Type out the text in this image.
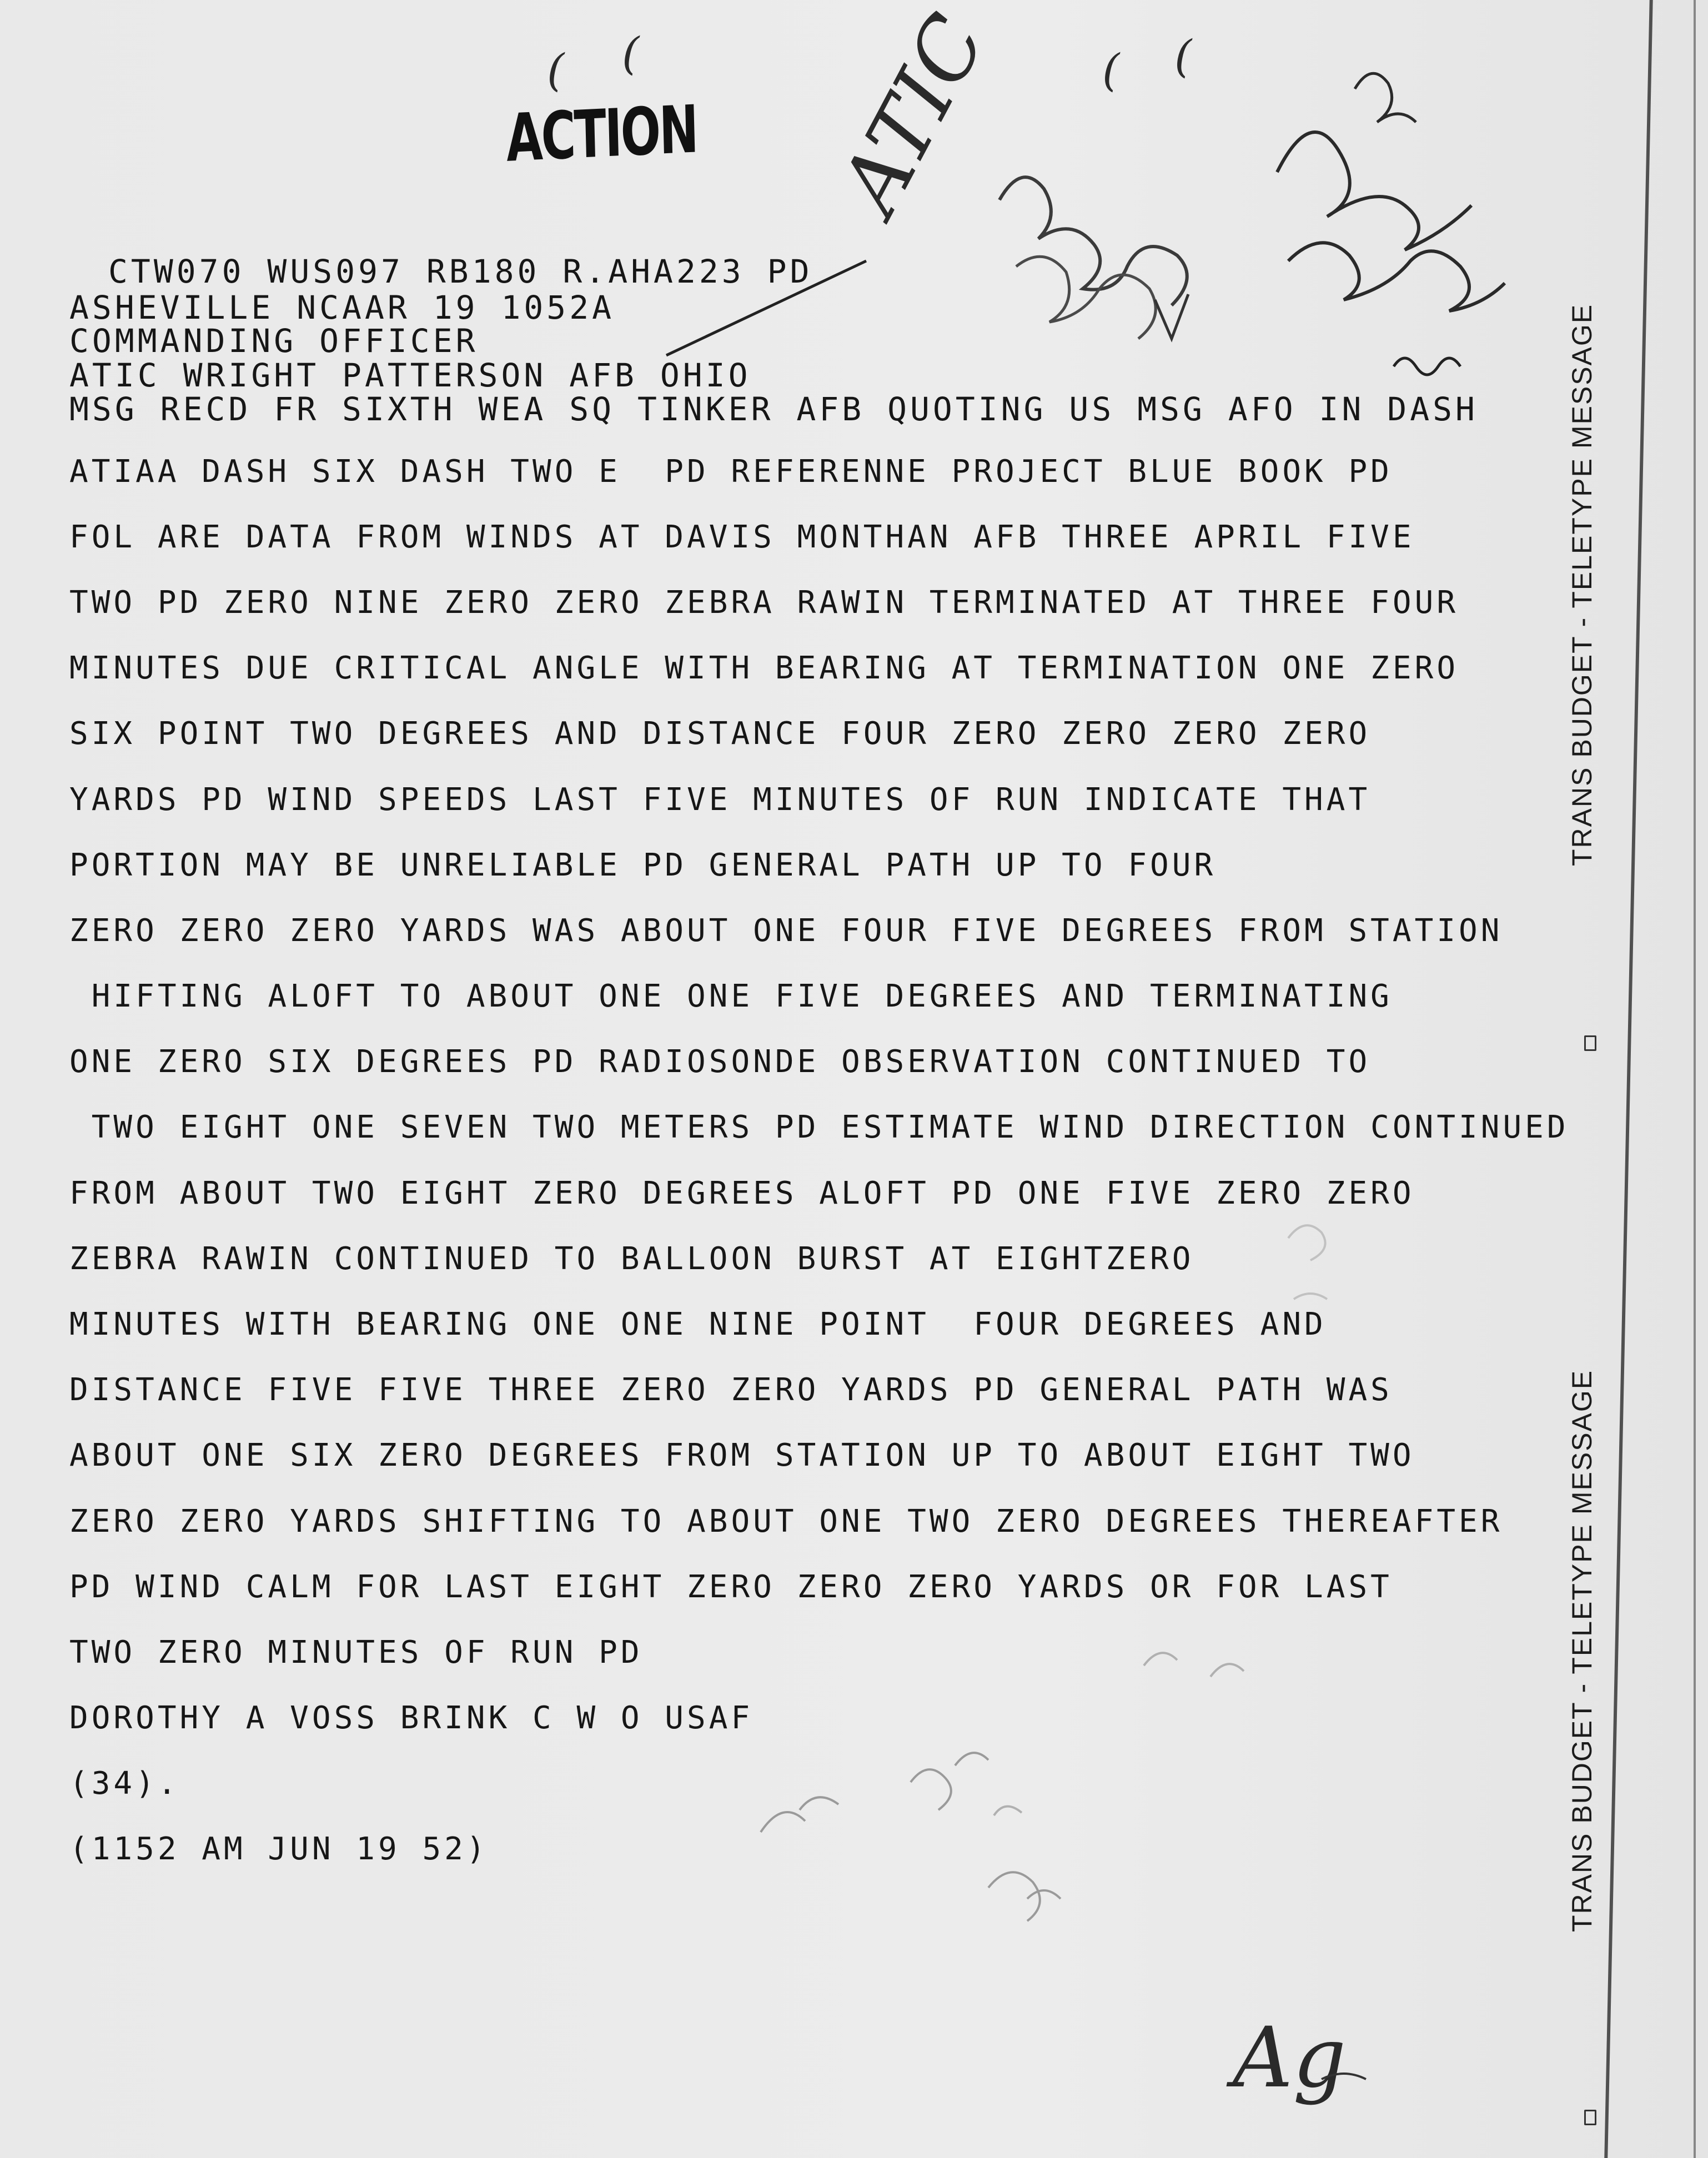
ACTION ATIC
( (	( (
Ag
CTW070 WUS097 RB180 R.AHA223 PD
ASHEVILLE NCAAR 19 1052A
COMMANDING OFFICER
ATIC WRIGHT PATTERSON AFB OHIO
MSG RECD FR SIXTH WEA SQ TINKER AFB QUOTING US MSG AFO IN DASH
ATIAA DASH SIX DASH TWO E  PD REFERENNE PROJECT BLUE BOOK PD
FOL ARE DATA FROM WINDS AT DAVIS MONTHAN AFB THREE APRIL FIVE
TWO PD ZERO NINE ZERO ZERO ZEBRA RAWIN TERMINATED AT THREE FOUR
MINUTES DUE CRITICAL ANGLE WITH BEARING AT TERMINATION ONE ZERO
SIX POINT TWO DEGREES AND DISTANCE FOUR ZERO ZERO ZERO ZERO
YARDS PD WIND SPEEDS LAST FIVE MINUTES OF RUN INDICATE THAT
PORTION MAY BE UNRELIABLE PD GENERAL PATH UP TO FOUR
ZERO ZERO ZERO YARDS WAS ABOUT ONE FOUR FIVE DEGREES FROM STATION
HIFTING ALOFT TO ABOUT ONE ONE FIVE DEGREES AND TERMINATING
ONE ZERO SIX DEGREES PD RADIOSONDE OBSERVATION CONTINUED TO
TWO EIGHT ONE SEVEN TWO METERS PD ESTIMATE WIND DIRECTION CONTINUED
FROM ABOUT TWO EIGHT ZERO DEGREES ALOFT PD ONE FIVE ZERO ZERO
ZEBRA RAWIN CONTINUED TO BALLOON BURST AT EIGHTZERO
MINUTES WITH BEARING ONE ONE NINE POINT  FOUR DEGREES AND
DISTANCE FIVE FIVE THREE ZERO ZERO YARDS PD GENERAL PATH WAS
ABOUT ONE SIX ZERO DEGREES FROM STATION UP TO ABOUT EIGHT TWO
ZERO ZERO YARDS SHIFTING TO ABOUT ONE TWO ZERO DEGREES THEREAFTER
PD WIND CALM FOR LAST EIGHT ZERO ZERO ZERO YARDS OR FOR LAST
TWO ZERO MINUTES OF RUN PD
DOROTHY A VOSS BRINK C W O USAF
(34).
(1152 AM JUN 19 52)
TRANS BUDGET - TELETYPE MESSAGE
TRANS BUDGET - TELETYPE MESSAGE
